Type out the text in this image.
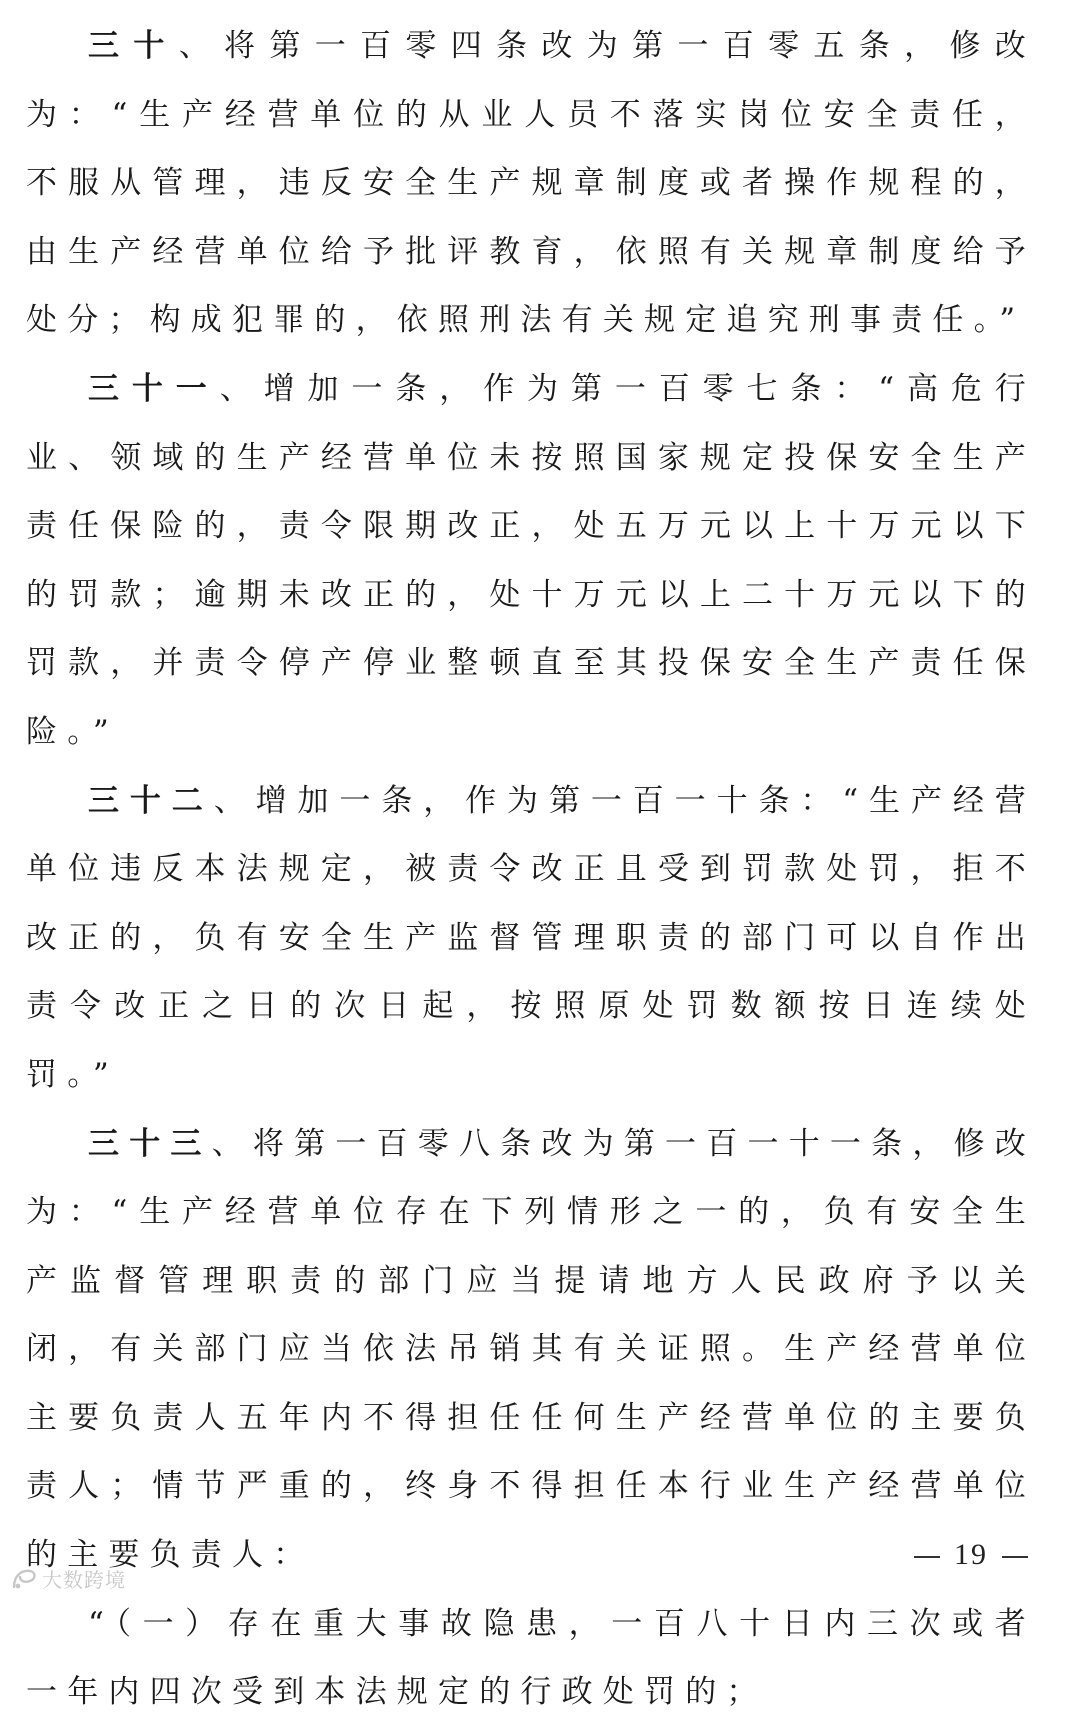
三十、将第一百零四条改为第一百零五条，修改为：“生产经营单位的从业人员不落实岗位安全责任，不服从管理，违反安全生产规章制度或者操作规程的，由生产经营单位给予批评教育，依照有关规章制度给予处分；构成犯罪的，依照刑法有关规定追究刑事责任。”

三十一、增加一条，作为第一百零七条：“高危行业、领域的生产经营单位未按照国家规定投保安全生产责任保险的，责令限期改正，处五万元以上十万元以下的罚款；逾期未改正的，处十万元以上二十万元以下的罚款，并责令停产停业整顿直至其投保安全生产责任保险。”

三十二、增加一条，作为第一百一十条：“生产经营单位违反本法规定，被责令改正且受到罚款处罚，拒不改正的，负有安全生产监督管理职责的部门可以自作出责令改正之日的次日起，按照原处罚数额按日连续处罚。”

三十三、将第一百零八条改为第一百一十一条，修改为：“生产经营单位存在下列情形之一的，负有安全生产监督管理职责的部门应当提请地方人民政府予以关闭，有关部门应当依法吊销其有关证照。生产经营单位主要负责人五年内不得担任任何生产经营单位的主要负责人；情节严重的，终身不得担任本行业生产经营单位的主要负责人：

“（一）存在重大事故隐患，一百八十日内三次或者一年内四次受到本法规定的行政处罚的；

19
大数跨境
